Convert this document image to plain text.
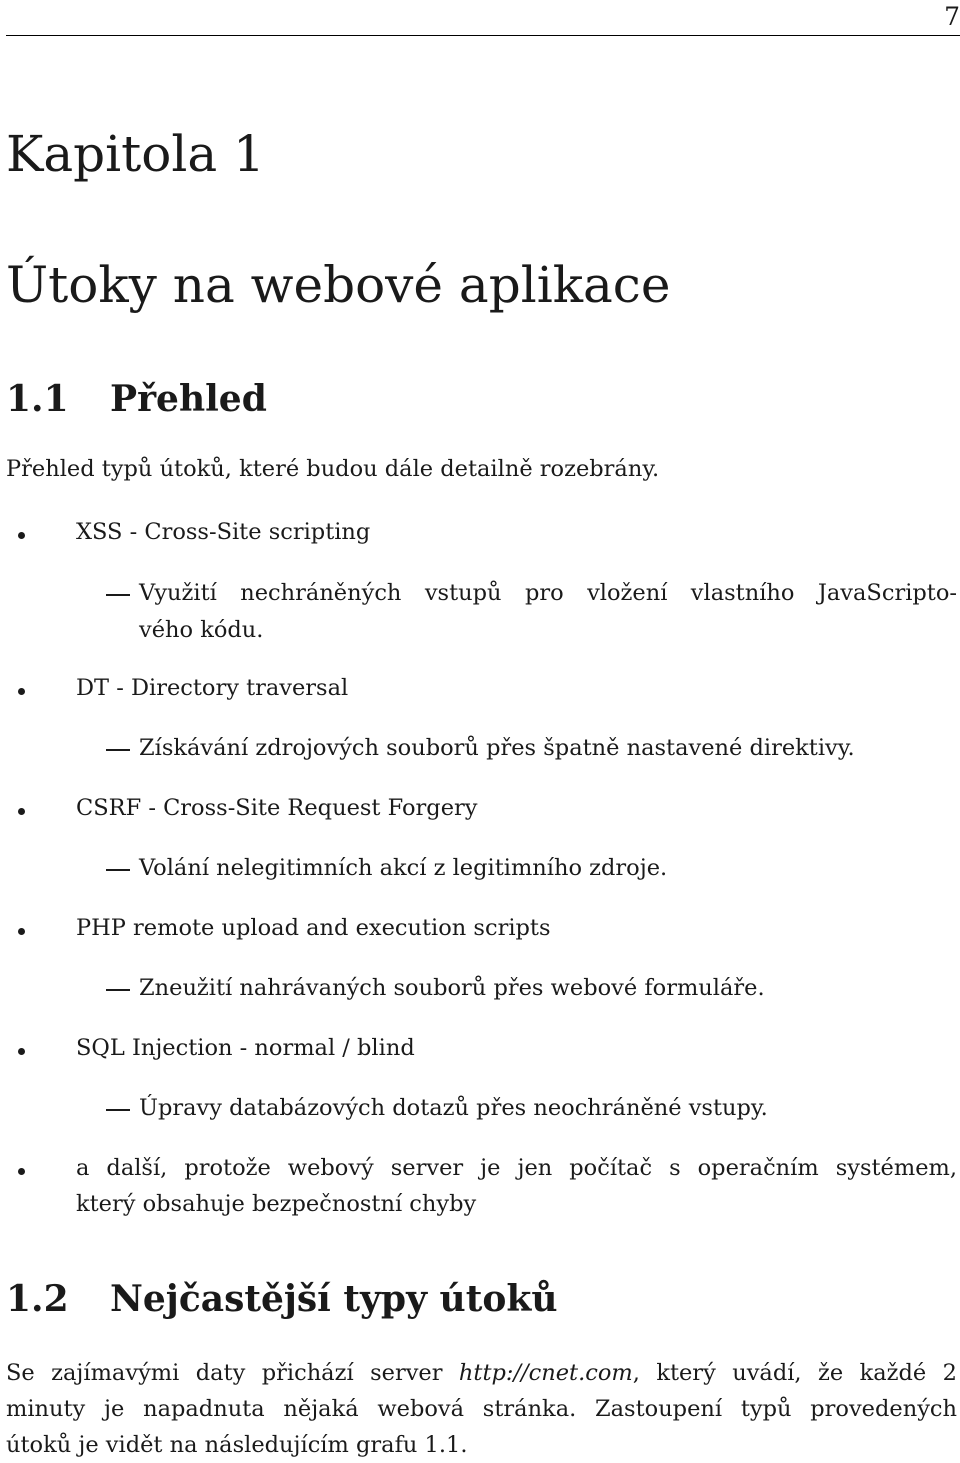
7
Kapitola 1
Útoky na webové aplikace
1.1 Přehled
Přehled typů útoků, které budou dále detailně rozebrány.
XSS - Cross-Site scripting
Využití nechráněných vstupů pro vložení vlastního JavaScripto-
vého kódu.
DT - Directory traversal
Získávání zdrojových souborů přes špatně nastavené direktivy.
CSRF - Cross-Site Request Forgery
Volání nelegitimních akcí z legitimního zdroje.
PHP remote upload and execution scripts
Zneužití nahrávaných souborů přes webové formuláře.
SQL Injection - normal / blind
Úpravy databázových dotazů přes neochráněné vstupy.
a další, protože webový server je jen počítač s operačním systémem,
který obsahuje bezpečnostní chyby
1.2 Nejčastější typy útoků
Se zajímavými daty přichází server http://cnet.com, který uvádí, že každé 2
minuty je napadnuta nějaká webová stránka. Zastoupení typů provedených
útoků je vidět na následujícím grafu 1.1.
